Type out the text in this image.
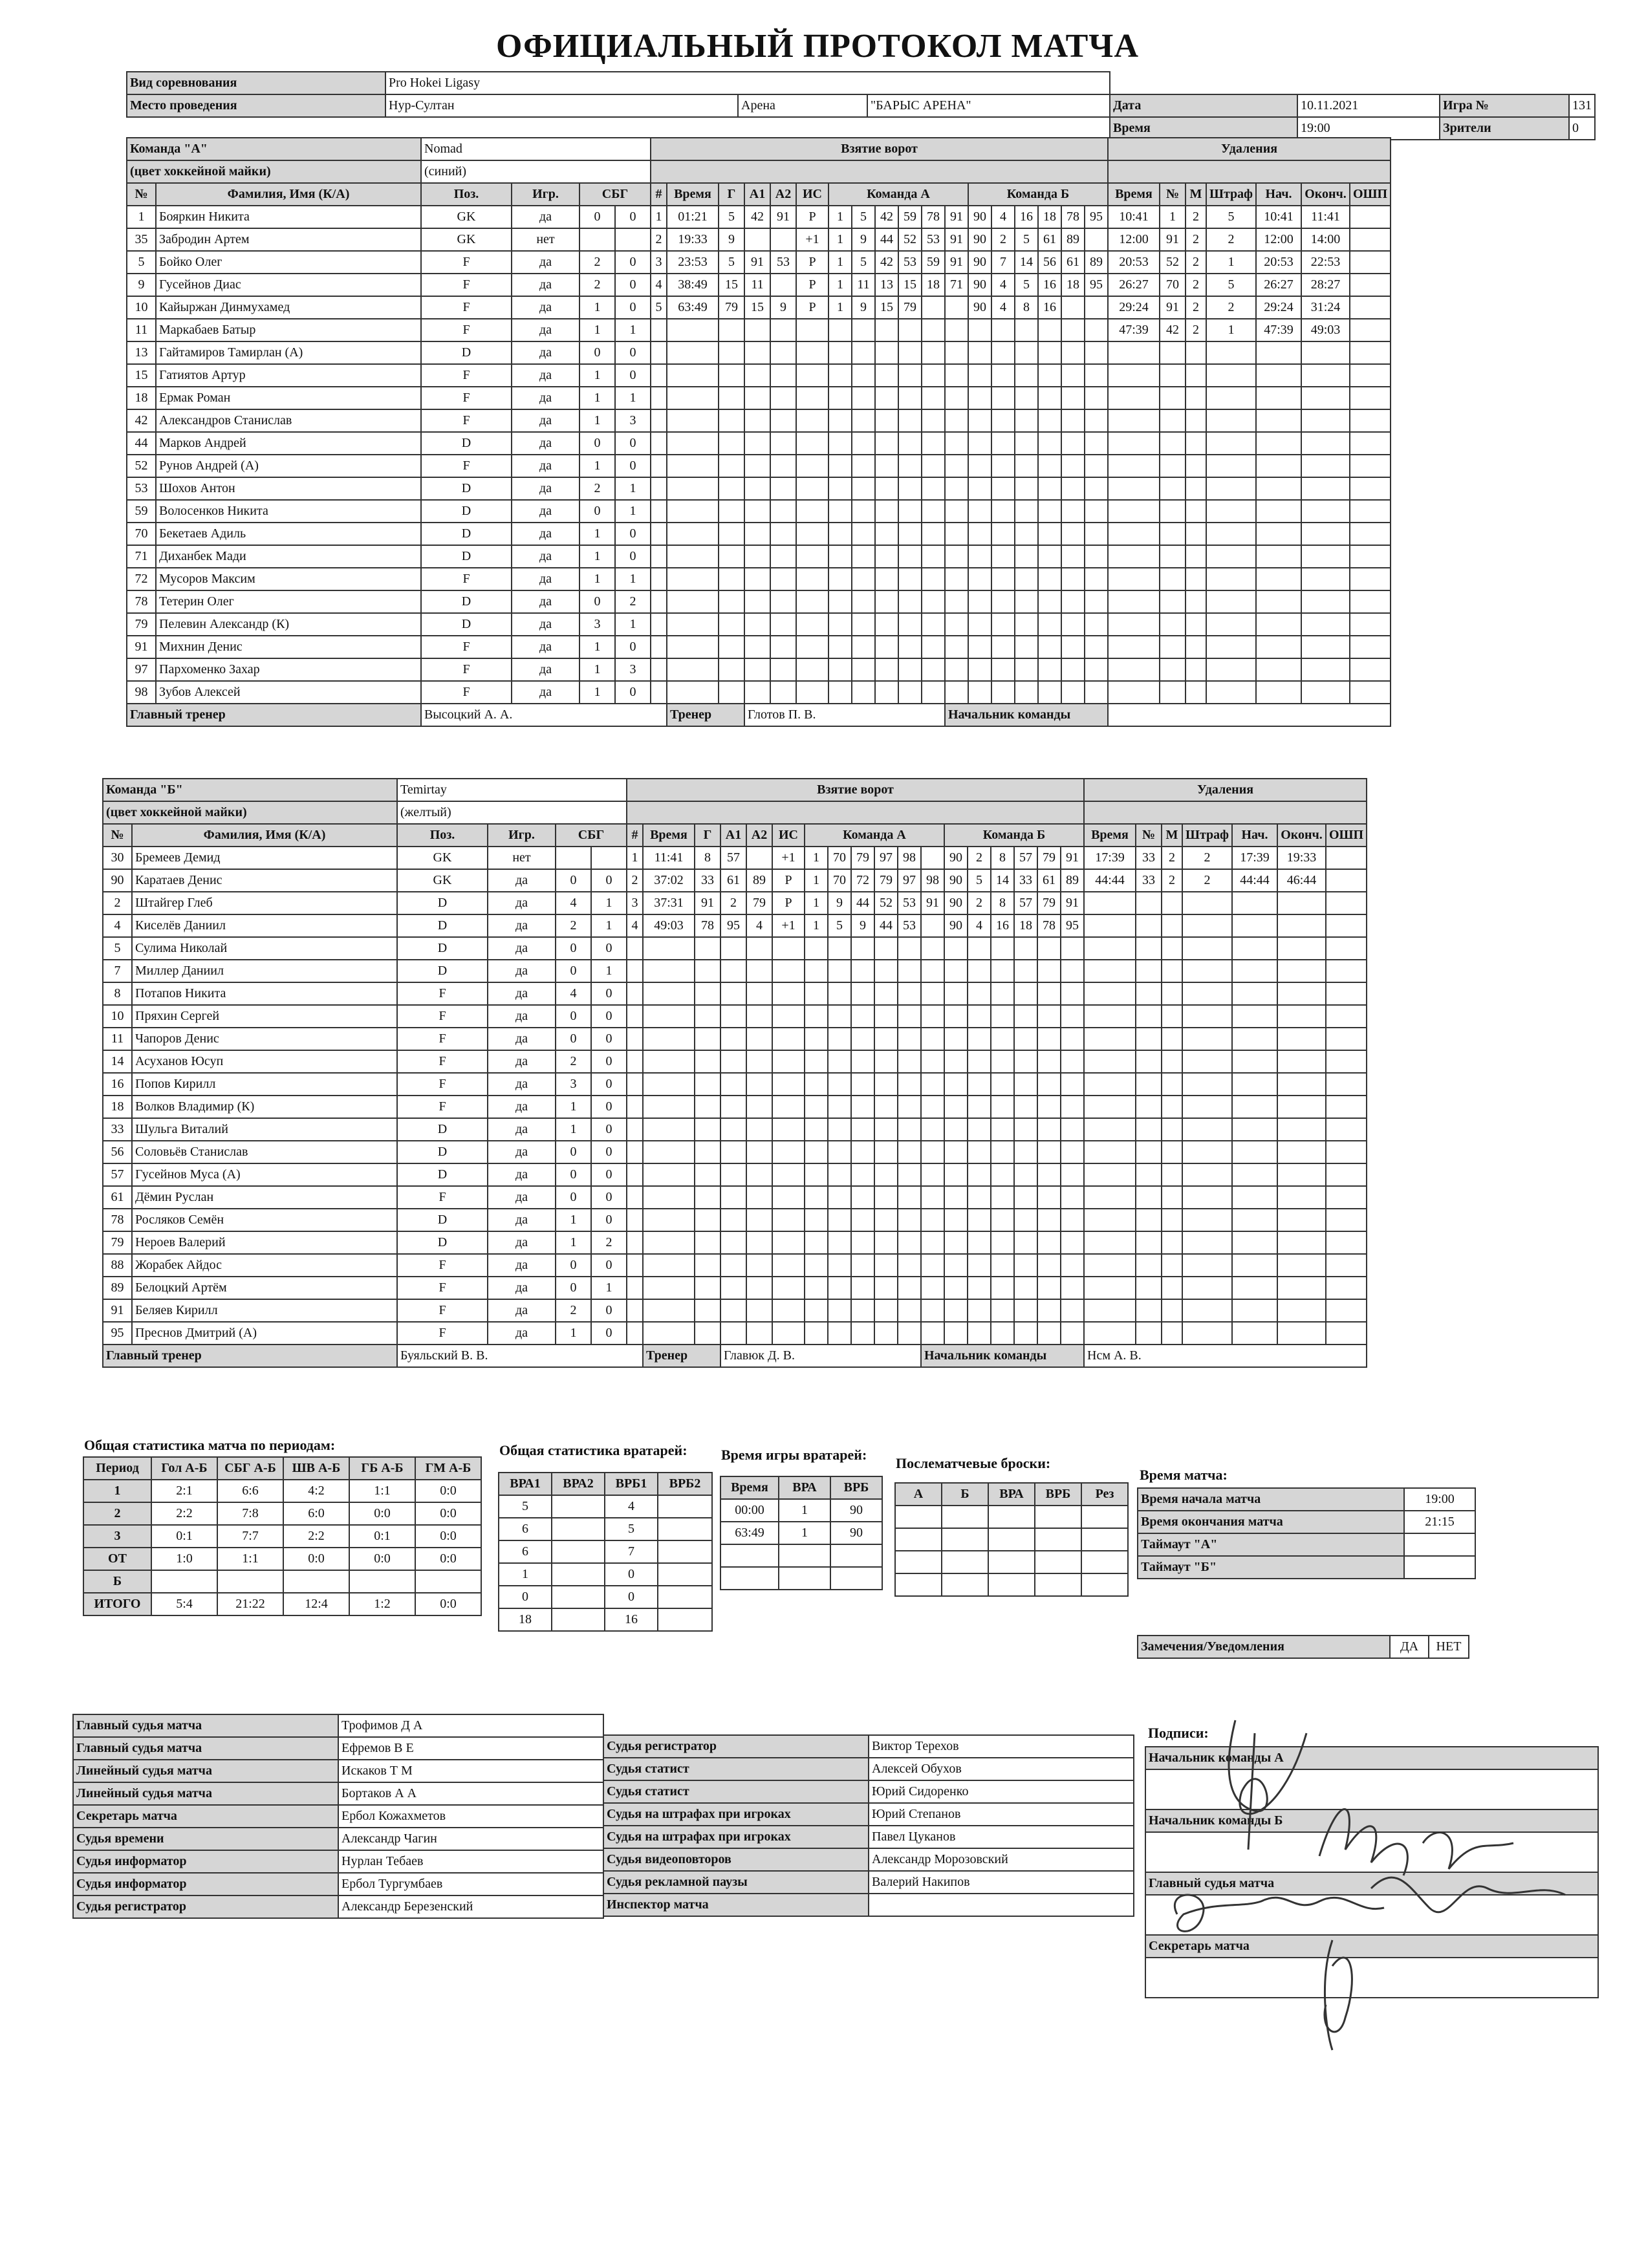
ОФИЦИАЛЬНЫЙ ПРОТОКОЛ МАТЧА
Вид соревнования	Pro Hokei Ligasy						
Место проведения	Нур-Султан	Арена	"БАРЫС АРЕНА"	Дата	10.11.2021	Игра №	131
				Время	19:00	Зрители	0
Команда "А"		Nomad				Взятие ворот																		Удаления						
(цвет хоккейной майки)		(синий)																												
№	Фамилия, Имя (К/А)	Поз.	Игр.	СБГ		#	Время	Г	А1	А2	ИС	Команда А						Команда Б						Время	№	М	Штраф	Нач.	Оконч.	ОШП
1	Бояркин Никита	GK	да	0	0	1	01:21	5	42	91	Р	1	5	42	59	78	91	90	4	16	18	78	95	10:41	1	2	5	10:41	11:41	
35	Забродин Артем	GK	нет			2	19:33	9			+1	1	9	44	52	53	91	90	2	5	61	89		12:00	91	2	2	12:00	14:00	
5	Бойко Олег	F	да	2	0	3	23:53	5	91	53	Р	1	5	42	53	59	91	90	7	14	56	61	89	20:53	52	2	1	20:53	22:53	
9	Гусейнов Диас	F	да	2	0	4	38:49	15	11		Р	1	11	13	15	18	71	90	4	5	16	18	95	26:27	70	2	5	26:27	28:27	
10	Кайыржан Динмухамед	F	да	1	0	5	63:49	79	15	9	Р	1	9	15	79			90	4	8	16			29:24	91	2	2	29:24	31:24	
11	Маркабаев Батыр	F	да	1	1																			47:39	42	2	1	47:39	49:03	
13	Гайтамиров Тамирлан (А)	D	да	0	0																									
15	Гатиятов Артур	F	да	1	0																									
18	Ермак Роман	F	да	1	1																									
42	Александров Станислав	F	да	1	3																									
44	Марков Андрей	D	да	0	0																									
52	Рунов Андрей (А)	F	да	1	0																									
53	Шохов Антон	D	да	2	1																									
59	Волосенков Никита	D	да	0	1																									
70	Бекетаев Адиль	D	да	1	0																									
71	Диханбек Мади	D	да	1	0																									
72	Мусоров Максим	F	да	1	1																									
78	Тетерин Олег	D	да	0	2																									
79	Пелевин Александр (К)	D	да	3	1																									
91	Михнин Денис	F	да	1	0																									
97	Пархоменко Захар	F	да	1	3																									
98	Зубов Алексей	F	да	1	0																									
Главный тренер		Высоцкий А. А.					Тренер		Глотов П. В.								Начальник команды													
Команда "Б"		Temirtay				Взятие ворот																		Удаления						
(цвет хоккейной майки)		(желтый)																												
№	Фамилия, Имя (К/А)	Поз.	Игр.	СБГ		#	Время	Г	А1	А2	ИС	Команда А						Команда Б						Время	№	М	Штраф	Нач.	Оконч.	ОШП
30	Бремеев Демид	GK	нет			1	11:41	8	57		+1	1	70	79	97	98		90	2	8	57	79	91	17:39	33	2	2	17:39	19:33	
90	Каратаев Денис	GK	да	0	0	2	37:02	33	61	89	Р	1	70	72	79	97	98	90	5	14	33	61	89	44:44	33	2	2	44:44	46:44	
2	Штайгер Глеб	D	да	4	1	3	37:31	91	2	79	Р	1	9	44	52	53	91	90	2	8	57	79	91							
4	Киселёв Даниил	D	да	2	1	4	49:03	78	95	4	+1	1	5	9	44	53		90	4	16	18	78	95							
5	Сулима Николай	D	да	0	0																									
7	Миллер Даниил	D	да	0	1																									
8	Потапов Никита	F	да	4	0																									
10	Пряхин Сергей	F	да	0	0																									
11	Чапоров Денис	F	да	0	0																									
14	Асуханов Юсуп	F	да	2	0																									
16	Попов Кирилл	F	да	3	0																									
18	Волков Владимир (К)	F	да	1	0																									
33	Шульга Виталий	D	да	1	0																									
56	Соловьёв Станислав	D	да	0	0																									
57	Гусейнов Муса (А)	D	да	0	0																									
61	Дёмин Руслан	F	да	0	0																									
78	Росляков Семён	D	да	1	0																									
79	Нероев Валерий	D	да	1	2																									
88	Жорабек Айдос	F	да	0	0																									
89	Белоцкий Артём	F	да	0	1																									
91	Беляев Кирилл	F	да	2	0																									
95	Преснов Дмитрий (А)	F	да	1	0																									
Главный тренер		Буяльский В. В.					Тренер		Главюк Д. В.								Начальник команды							Нсм А. В.						
Общая статистика матча по периодам:
Период	Гол А-Б	СБГ А-Б	ШВ А-Б	ГБ А-Б	ГМ А-Б
1	2:1	6:6	4:2	1:1	0:0
2	2:2	7:8	6:0	0:0	0:0
3	0:1	7:7	2:2	0:1	0:0
ОТ	1:0	1:1	0:0	0:0	0:0
Б					
ИТОГО	5:4	21:22	12:4	1:2	0:0
Общая статистика вратарей:
ВРА1	ВРА2	ВРБ1	ВРБ2
5		4	
6		5	
6		7	
1		0	
0		0	
18		16	
Время игры вратарей:
Время	ВРА	ВРБ
00:00	1	90
63:49	1	90

Послематчевые броски:
А	Б	ВРА	ВРБ	Рез

Время матча:
Время начала матча	19:00
Время окончания матча	21:15
Таймаут "А"	
Таймаут "Б"	
Замечения/Уведомления	ДА	НЕТ
Главный судья матча	Трофимов Д А
Главный судья матча	Ефремов В Е
Линейный судья матча	Искаков Т М
Линейный судья матча	Бортаков А А
Секретарь матча	Ербол Кожахметов
Судья времени	Александр Чагин
Судья информатор	Нурлан Тебаев
Судья информатор	Ербол Тургумбаев
Судья регистратор	Александр Березенский
Судья регистратор	Виктор Терехов
Судья статист	Алексей Обухов
Судья статист	Юрий Сидоренко
Судья на штрафах при игроках	Юрий Степанов
Судья на штрафах при игроках	Павел Цуканов
Судья видеоповторов	Александр Морозовский
Судья рекламной паузы	Валерий Накипов
Инспектор матча	
Подписи:
Начальник команды А

Начальник команды Б

Главный судья матча

Секретарь матча
